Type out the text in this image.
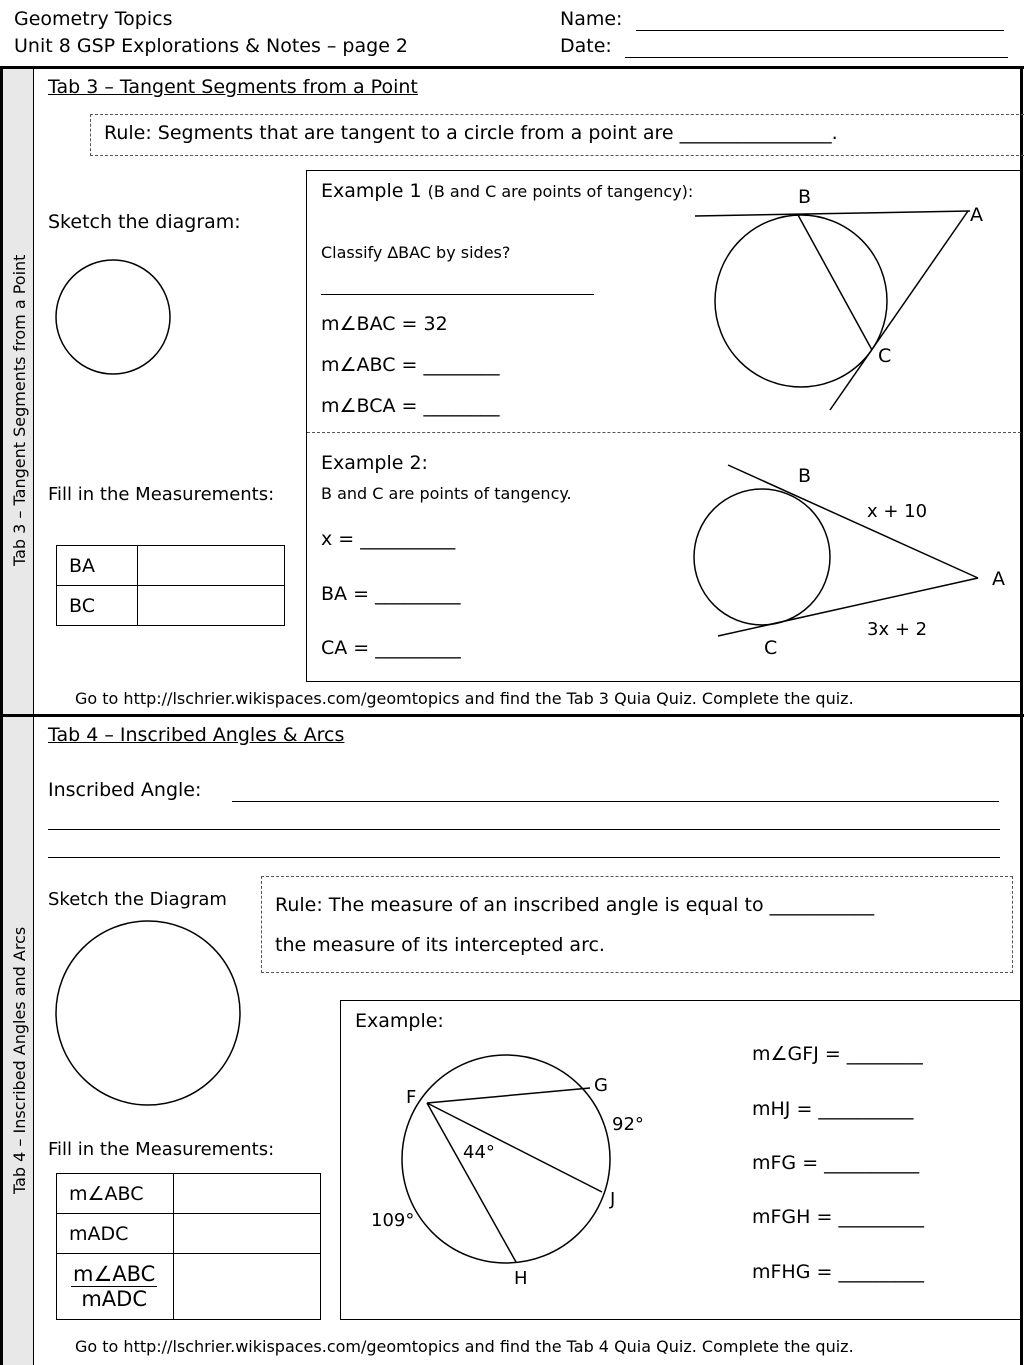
Geometry Topics
Unit 8 GSP Explorations & Notes – page 2
Name:
Date:
Tab 3 – Tangent Segments from a Point
Tab 4 – Inscribed Angles and Arcs
Tab 3 – Tangent Segments from a Point
Rule: Segments that are tangent to a circle from a point are ________________.
Sketch the diagram:
Fill in the Measurements:
BA	
BC	
Example 1 (B and C are points of tangency):
Classify ∆BAC by sides?
m∠BAC = 32
m∠ABC = ________
m∠BCA = ________
B
A
C
Example 2:
B and C are points of tangency.
x = __________
BA = _________
CA = _________
B
A
C
x + 10
3x + 2
Go to http://lschrier.wikispaces.com/geomtopics and find the Tab 3 Quia Quiz. Complete the quiz.
Tab 4 – Inscribed Angles & Arcs
Inscribed Angle:
Sketch the Diagram	Rule: The measure of an inscribed angle is equal to ___________
the measure of its intercepted arc.
Fill in the Measurements:
m∠ABC	
mADC	

$\frac{\text{m∠ABC}}{\text{mADC}}$

Example:
F
G
J
H
92°
44°
109°
m∠GFJ = ________
mHJ = __________
mFG = __________
mFGH = _________
mFHG = _________
Go to http://lschrier.wikispaces.com/geomtopics and find the Tab 4 Quia Quiz. Complete the quiz.
